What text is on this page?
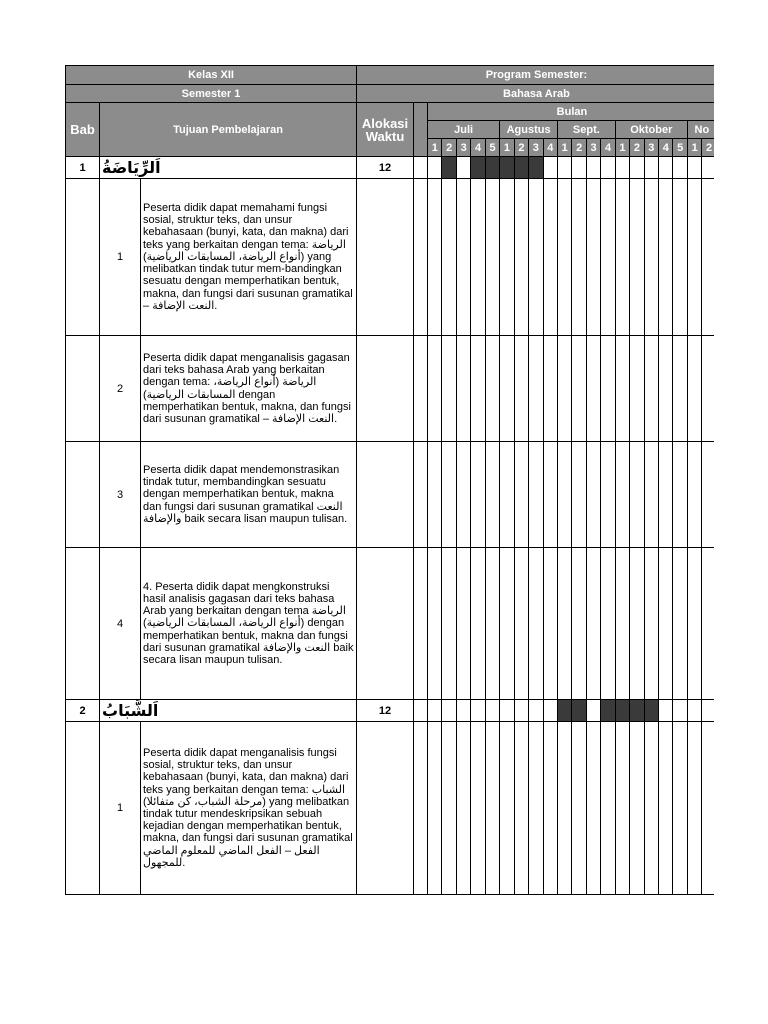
Kelas XII			Program Semester:																					
Semester 1			Bahasa Arab																					
Bab	Tujuan Pembelajaran		Alokasi Waktu		Bulan																			
					Juli					Agustus				Sept.				Oktober					No	
					1	2	3	4	5	1	2	3	4	1	2	3	4	1	2	3	4	5	1	2
1	اَلرِّيَاضَةُ		12																					
	1	Peserta didik dapat memahami fungsi sosial, struktur teks, dan unsur kebahasaan (bunyi, kata, dan makna) dari teks yang berkaitan dengan tema: الرياضة (أنواع الرياضة، المسابقات الرياضية) yang melibatkan tindak tutur mem-bandingkan sesuatu dengan memperhatikan bentuk, makna, dan fungsi dari susunan gramatikal – النعت الإضافة.																						
	2	Peserta didik dapat menganalisis gagasan dari teks bahasa Arab yang berkaitan dengan tema: الرياضة (أنواع الرياضة، المسابقات الرياضية) dengan memperhatikan bentuk, makna, dan fungsi dari susunan gramatikal – النعت الإضافة.																						
	3	Peserta didik dapat mendemonstrasikan tindak tutur, membandingkan sesuatu dengan memperhatikan bentuk, makna dan fungsi dari susunan gramatikal النعت والإضافة baik secara lisan maupun tulisan.																						
	4	4. Peserta didik dapat mengkonstruksi hasil analisis gagasan dari teks bahasa Arab yang berkaitan dengan tema الرياضة (أنواع الرياضة، المسابقات الرياضية) dengan memperhatikan bentuk, makna dan fungsi dari susunan gramatikal النعت والإضافة baik secara lisan maupun tulisan.																						
2	اَلشَّبَابُ		12																					
	1	Peserta didik dapat menganalisis fungsi sosial, struktur teks, dan unsur kebahasaan (bunyi, kata, dan makna) dari teks yang berkaitan dengan tema: الشباب (مرحلة الشباب، كن متفائلا) yang melibatkan tindak tutur mendeskripsikan sebuah kejadian dengan memperhatikan bentuk, makna, dan fungsi dari susunan gramatikal الفعل – الفعل الماضي للمعلوم الماضي للمجهول.																						
